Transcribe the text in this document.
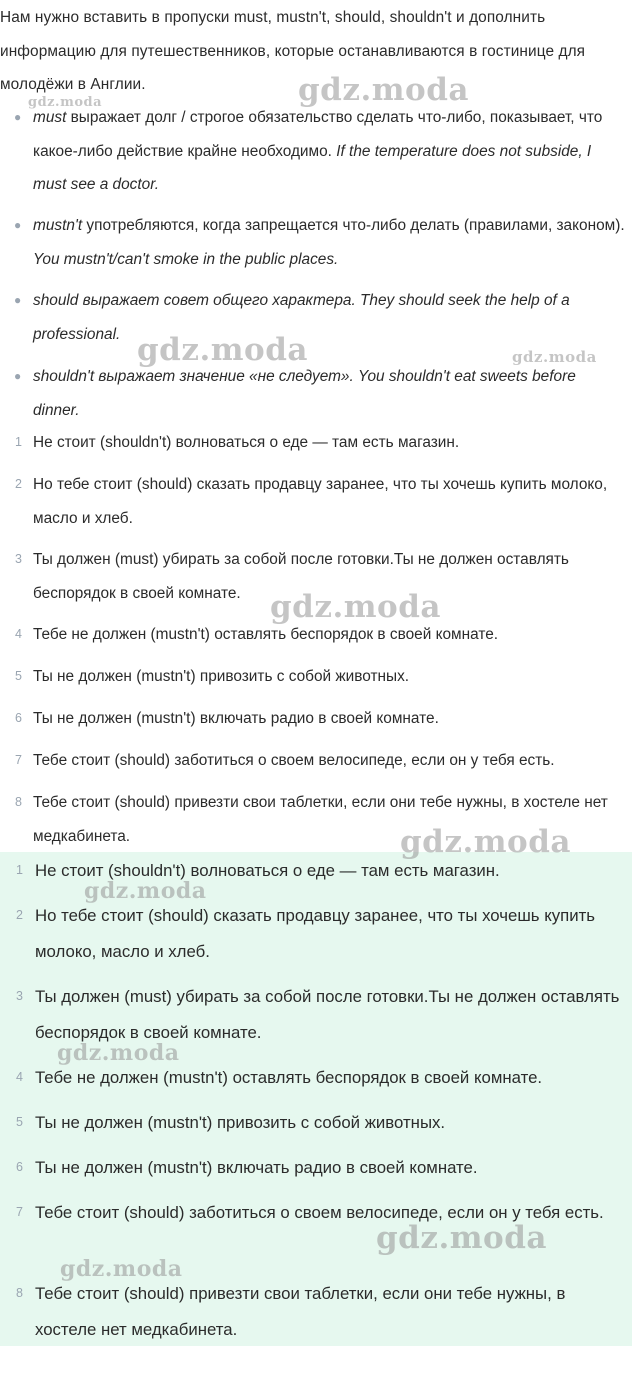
Нам нужно вставить в пропуски must, mustn't, should, shouldn't и дополнить информацию для путешественников, которые останавливаются в гостинице для молодёжи в Англии.
● must выражает долг / строгое обязательство сделать что-либо, показывает, что какое-либо действие крайне необходимо. If the temperature does not subside, I must see a doctor.
● mustn't употребляются, когда запрещается что-либо делать (правилами, законом). You mustn't/can't smoke in the public places.
● should выражает совет общего характера. They should seek the help of a professional.
● shouldn't выражает значение «не следует». You shouldn't eat sweets before dinner.
1 Не стоит (shouldn't) волноваться о еде — там есть магазин.
2 Но тебе стоит (should) сказать продавцу заранее, что ты хочешь купить молоко, масло и хлеб.
3 Ты должен (must) убирать за собой после готовки.Ты не должен оставлять беспорядок в своей комнате.
4 Тебе не должен (mustn't) оставлять беспорядок в своей комнате.
5 Ты не должен (mustn't) привозить с собой животных.
6 Ты не должен (mustn't) включать радио в своей комнате.
7 Тебе стоит (should) заботиться о своем велосипеде, если он у тебя есть.
8 Тебе стоит (should) привезти свои таблетки, если они тебе нужны, в хостеле нет медкабинета.
1 Не стоит (shouldn't) волноваться о еде — там есть магазин.
2 Но тебе стоит (should) сказать продавцу заранее, что ты хочешь купить молоко, масло и хлеб.
3 Ты должен (must) убирать за собой после готовки.Ты не должен оставлять беспорядок в своей комнате.
4 Тебе не должен (mustn't) оставлять беспорядок в своей комнате.
5 Ты не должен (mustn't) привозить с собой животных.
6 Ты не должен (mustn't) включать радио в своей комнате.
7 Тебе стоит (should) заботиться о своем велосипеде, если он у тебя есть.
8 Тебе стоит (should) привезти свои таблетки, если они тебе нужны, в хостеле нет медкабинета.
gdz.moda
gdz.moda
gdz.moda	gdz.moda
gdz.moda
gdz.moda
gdz.moda
gdz.moda
gdz.moda
gdz.moda
